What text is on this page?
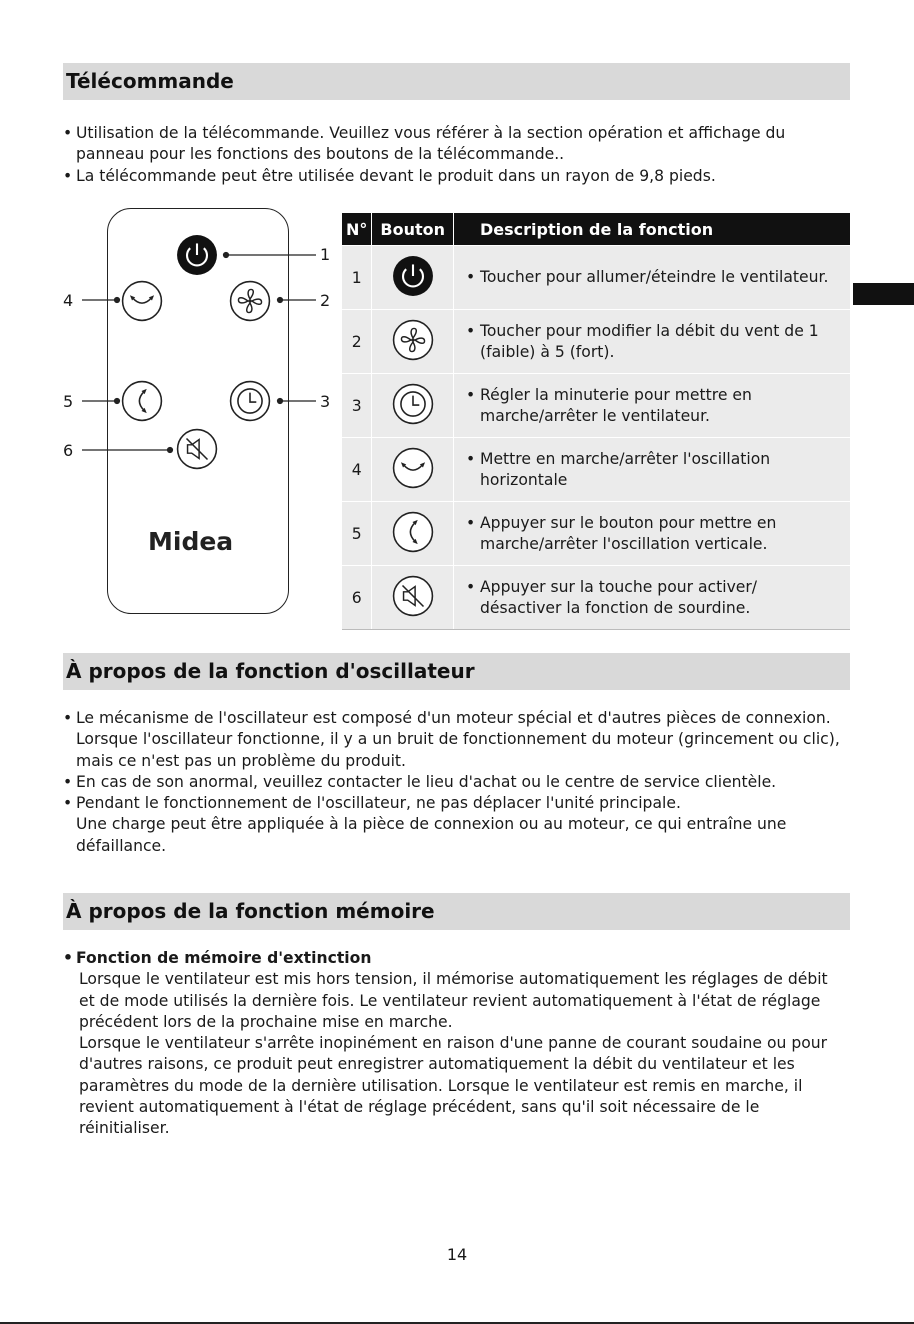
Télécommande

• Utilisation de la télécommande. Veuillez vous référer à la section opération et affichage du panneau pour les fonctions des boutons de la télécommande..

• La télécommande peut être utilisée devant le produit dans un rayon de 9,8 pieds.

1
2
3
4
5
6
Midea
N°	Bouton	Description de la fonction
1		• Toucher pour allumer/éteindre le ventilateur.

2		• Toucher pour modifier la débit du vent de 1 (faible) à 5 (fort).

3		• Régler la minuterie pour mettre en marche/arrêter le ventilateur.

4		• Mettre en marche/arrêter l'oscillation horizontale

5		• Appuyer sur le bouton pour mettre en marche/arrêter l'oscillation verticale.

6		• Appuyer sur la touche pour activer/ désactiver la fonction de sourdine.
À propos de la fonction d'oscillateur

• Le mécanisme de l'oscillateur est composé d'un moteur spécial et d'autres pièces de connexion. Lorsque l'oscillateur fonctionne, il y a un bruit de fonctionnement du moteur (grincement ou clic), mais ce n'est pas un problème du produit.

• En cas de son anormal, veuillez contacter le lieu d'achat ou le centre de service clientèle.

• Pendant le fonctionnement de l'oscillateur, ne pas déplacer l'unité principale.

Une charge peut être appliquée à la pièce de connexion ou au moteur, ce qui entraîne une défaillance.

À propos de la fonction mémoire

• Fonction de mémoire d'extinction

Lorsque le ventilateur est mis hors tension, il mémorise automatiquement les réglages de débit et de mode utilisés la dernière fois. Le ventilateur revient automatiquement à l'état de réglage précédent lors de la prochaine mise en marche.

Lorsque le ventilateur s'arrête inopinément en raison d'une panne de courant soudaine ou pour d'autres raisons, ce produit peut enregistrer automatiquement la débit du ventilateur et les paramètres du mode de la dernière utilisation. Lorsque le ventilateur est remis en marche, il revient automatiquement à l'état de réglage précédent, sans qu'il soit nécessaire de le réinitialiser.

14
